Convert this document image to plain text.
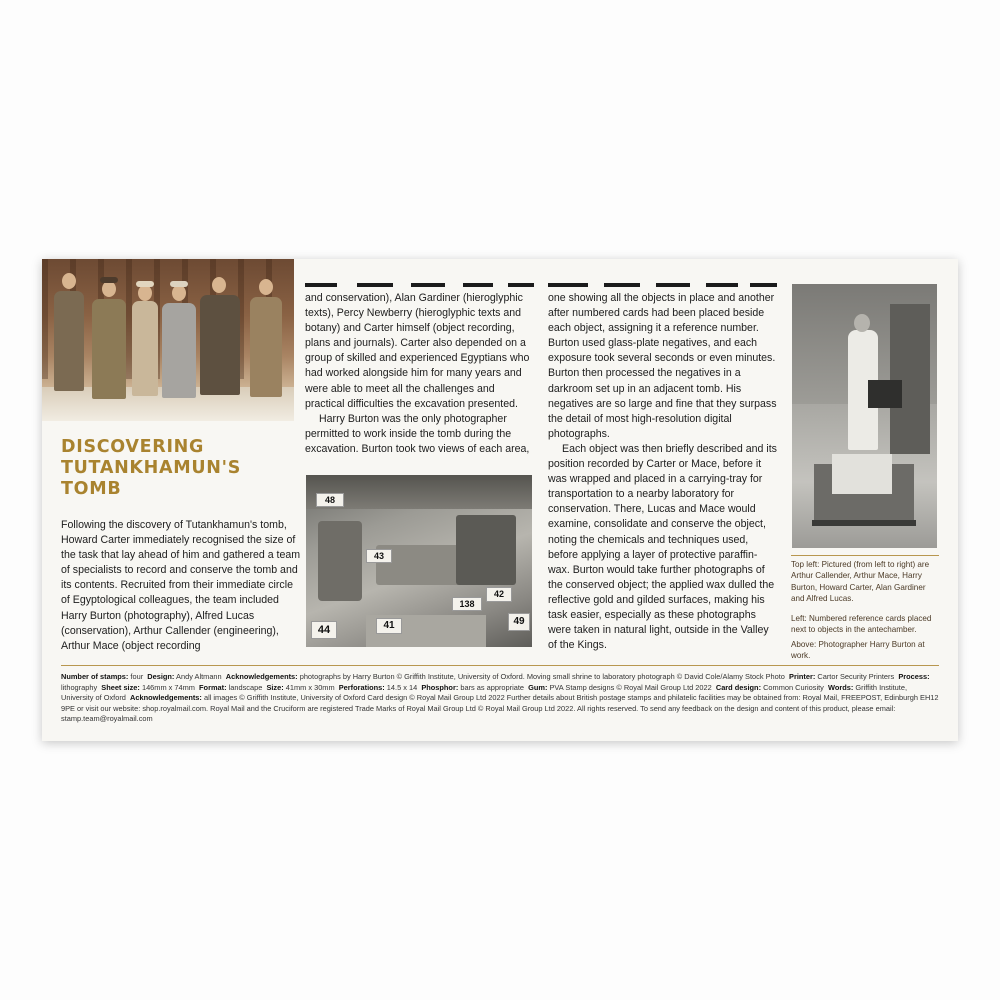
DISCOVERING TUTANKHAMUN'S TOMB

Following the discovery of Tutankhamun's tomb, Howard Carter immediately recognised the size of the task that lay ahead of him and gathered a team of specialists to record and conserve the tomb and its contents. Recruited from their immediate circle of Egyptological colleagues, the team included Harry Burton (photography), Alfred Lucas (conservation), Arthur Callender (engineering), Arthur Mace (object recording

and conservation), Alan Gardiner (hieroglyphic texts), Percy Newberry (hieroglyphic texts and botany) and Carter himself (object recording, plans and journals). Carter also depended on a group of skilled and experienced Egyptians who had worked alongside him for many years and were able to meet all the challenges and practical difficulties the excavation presented.

Harry Burton was the only photographer permitted to work inside the tomb during the excavation. Burton took two views of each area,

48
43
138
42
44	41	49

one showing all the objects in place and another after numbered cards had been placed beside each object, assigning it a reference number. Burton used glass-plate negatives, and each exposure took several seconds or even minutes. Burton then processed the negatives in a darkroom set up in an adjacent tomb. His negatives are so large and fine that they surpass the detail of most high-resolution digital photographs.

Each object was then briefly described and its position recorded by Carter or Mace, before it was wrapped and placed in a carrying-tray for transportation to a nearby laboratory for conservation. There, Lucas and Mace would examine, consolidate and conserve the object, noting the chemicals and techniques used, before applying a layer of protective paraffin-wax. Burton would take further photographs of the conserved object; the applied wax dulled the reflective gold and gilded surfaces, making his task easier, especially as these photographs were taken in natural light, outside in the Valley of the Kings.

Top left: Pictured (from left to right) are Arthur Callender, Arthur Mace, Harry Burton, Howard Carter, Alan Gardiner and Alfred Lucas.

Left: Numbered reference cards placed next to objects in the antechamber.

Above: Photographer Harry Burton at work.

Number of stamps: four Design: Andy Altmann Acknowledgements: photographs by Harry Burton © Griffith Institute, University of Oxford. Moving small shrine to laboratory photograph © David Cole/Alamy Stock Photo Printer: Cartor Security Printers Process: lithography Sheet size: 146mm x 74mm Format: landscape Size: 41mm x 30mm Perforations: 14.5 x 14 Phosphor: bars as appropriate Gum: PVA Stamp designs © Royal Mail Group Ltd 2022 Card design: Common Curiosity Words: Griffith Institute, University of Oxford Acknowledgements: all images © Griffith Institute, University of Oxford Card design © Royal Mail Group Ltd 2022 Further details about British postage stamps and philatelic facilities may be obtained from: Royal Mail, FREEPOST, Edinburgh EH12 9PE or visit our website: shop.royalmail.com. Royal Mail and the Cruciform are registered Trade Marks of Royal Mail Group Ltd © Royal Mail Group Ltd 2022. All rights reserved. To send any feedback on the design and content of this product, please email: stamp.team@royalmail.com
